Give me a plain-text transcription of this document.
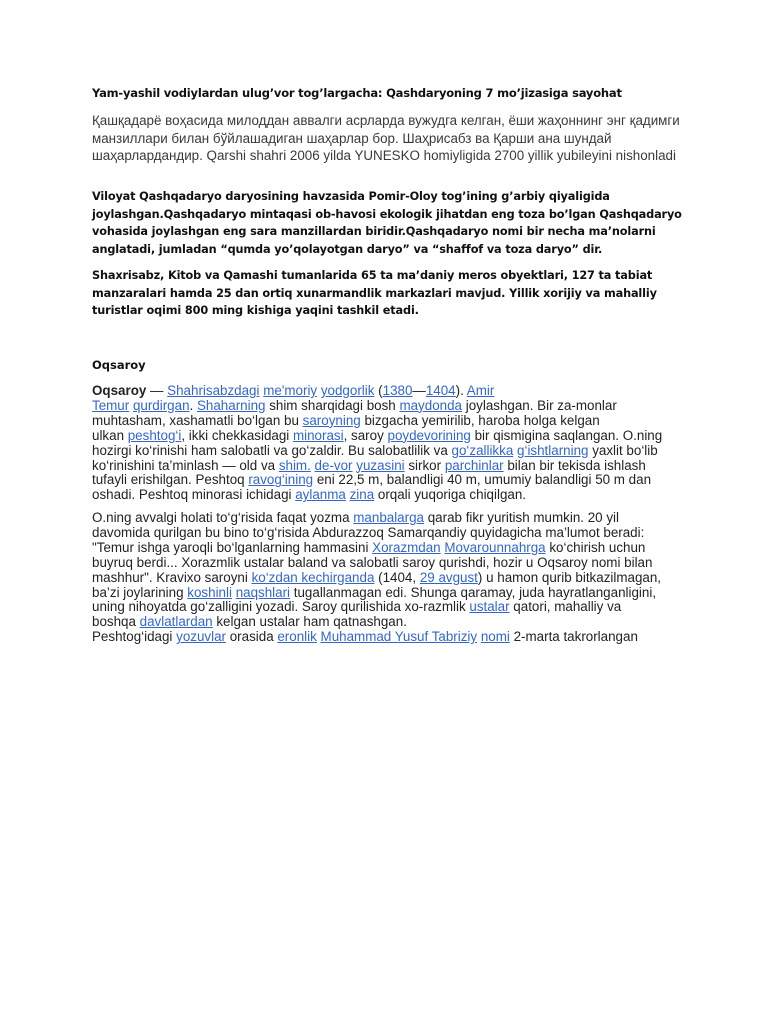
Yam-yashil vodiylardan ulug’vor tog’largacha: Qashdaryoning 7 mo’jizasiga sayohat
Қашқадарё воҳасида милоддан аввалги асрларда вужудга келган, ёши жаҳоннинг энг қадимги манзиллари билан бўйлашадиган шаҳарлар бор. Шаҳрисабз ва Қарши ана шундай шаҳарлардандир. Qarshi shahri 2006 yilda YUNESKO homiyligida 2700 yillik yubileyini nishonladi
Viloyat Qashqadaryo daryosining havzasida Pomir-Oloy tog’ining g’arbiy qiyaligida joylashgan.Qashqadaryo mintaqasi ob-havosi ekologik jihatdan eng toza bo’lgan Qashqadaryo vohasida joylashgan eng sara manzillardan biridir.Qashqadaryo nomi bir necha ma’nolarni anglatadi, jumladan “qumda yo’qolayotgan daryo” va “shaffof va toza daryo” dir.
Shaxrisabz, Kitob va Qamashi tumanlarida 65 ta ma’daniy meros obyektlari, 127 ta tabiat manzaralari hamda 25 dan ortiq xunarmandlik markazlari mavjud. Yillik xorijiy va mahalliy turistlar oqimi 800 ming kishiga yaqini tashkil etadi.
Oqsaroy
Oqsaroy — Shahrisabzdagi me'moriy yodgorlik (1380—1404). Amir
Temur qurdirgan. Shaharning shim sharqidagi bosh maydonda joylashgan. Bir za-monlar
muhtasham, xashamatli bo‘lgan bu saroyning bizgacha yemirilib, haroba holga kelgan
ulkan peshtog‘i, ikki chekkasidagi minorasi, saroy poydevorining bir qismigina saqlangan. O.ning
hozirgi ko‘rinishi ham salobatli va go‘zaldir. Bu salobatlilik va go‘zallikka g‘ishtlarning yaxlit bo‘lib
ko‘rinishini ta’minlash — old va shim. de-vor yuzasini sirkor parchinlar bilan bir tekisda ishlash
tufayli erishilgan. Peshtoq ravog‘ining eni 22,5 m, balandligi 40 m, umumiy balandligi 50 m dan
oshadi. Peshtoq minorasi ichidagi aylanma zina orqali yuqoriga chiqilgan.
O.ning avvalgi holati to‘g‘risida faqat yozma manbalarga qarab fikr yuritish mumkin. 20 yil
davomida qurilgan bu bino to‘g‘risida Abdurazzoq Samarqandiy quyidagicha ma’lumot beradi:
"Temur ishga yaroqli bo‘lganlarning hammasini Xorazmdan Movarounnahrga ko‘chirish uchun
buyruq berdi... Xorazmlik ustalar baland va salobatli saroy qurishdi, hozir u Oqsaroy nomi bilan
mashhur". Kravixo saroyni ko‘zdan kechirganda (1404, 29 avgust) u hamon qurib bitkazilmagan,
ba’zi joylarining koshinli naqshlari tugallanmagan edi. Shunga qaramay, juda hayratlanganligini,
uning nihoyatda go‘zalligini yozadi. Saroy qurilishida xo-razmlik ustalar qatori, mahalliy va
boshqa davlatlardan kelgan ustalar ham qatnashgan.
Peshtog‘idagi yozuvlar orasida eronlik Muhammad Yusuf Tabriziy nomi 2-marta takrorlangan
